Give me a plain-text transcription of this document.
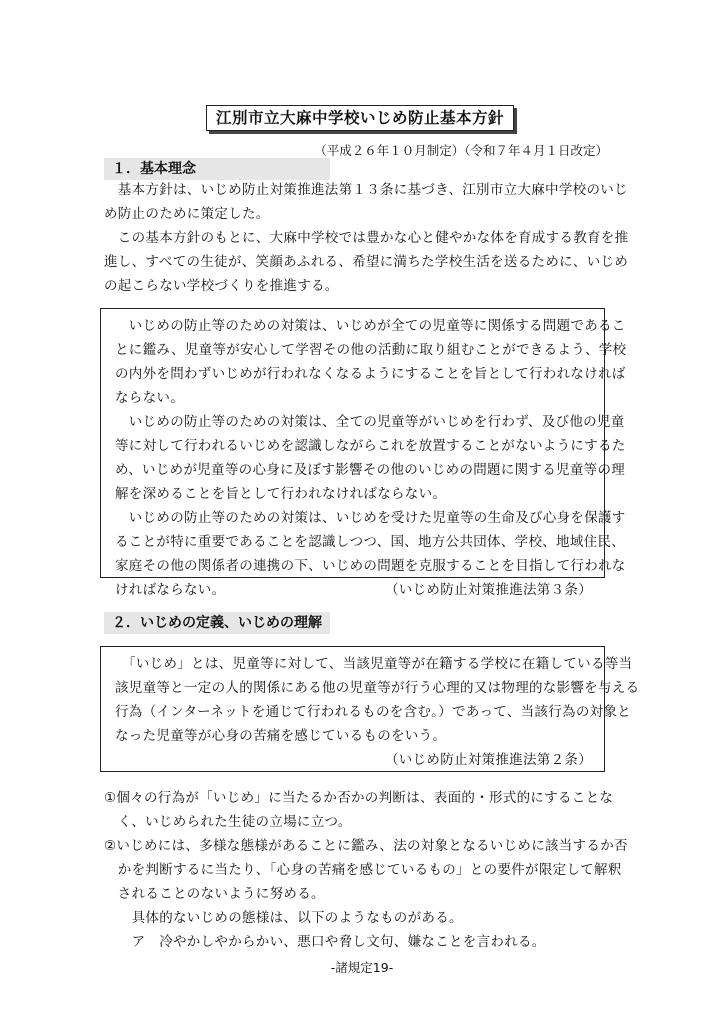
江別市立大麻中学校いじめ防止基本方針
（平成２６年１０月制定）（令和７年４月１日改定）
１．基本理念
　基本方針は、いじめ防止対策推進法第１３条に基づき、江別市立大麻中学校のいじ
め防止のために策定した。
　この基本方針のもとに、大麻中学校では豊かな心と健やかな体を育成する教育を推
進し、すべての生徒が、笑顔あふれる、希望に満ちた学校生活を送るために、いじめ
の起こらない学校づくりを推進する。
　いじめの防止等のための対策は、いじめが全ての児童等に関係する問題であるこ
とに鑑み、児童等が安心して学習その他の活動に取り組むことができるよう、学校
の内外を問わずいじめが行われなくなるようにすることを旨として行われなければ
ならない。
　いじめの防止等のための対策は、全ての児童等がいじめを行わず、及び他の児童
等に対して行われるいじめを認識しながらこれを放置することがないようにするた
め、いじめが児童等の心身に及ぼす影響その他のいじめの問題に関する児童等の理
解を深めることを旨として行われなければならない。
　いじめの防止等のための対策は、いじめを受けた児童等の生命及び心身を保護す
ることが特に重要であることを認識しつつ、国、地方公共団体、学校、地域住民、
家庭その他の関係者の連携の下、いじめの問題を克服することを目指して行われな
ければならない。	（いじめ防止対策推進法第３条）
２．いじめの定義、いじめの理解
　「いじめ」とは、児童等に対して、当該児童等が在籍する学校に在籍している等当
該児童等と一定の人的関係にある他の児童等が行う心理的又は物理的な影響を与える
行為（インターネットを通じて行われるものを含む。）であって、当該行為の対象と
なった児童等が心身の苦痛を感じているものをいう。
（いじめ防止対策推進法第２条）
①個々の行為が「いじめ」に当たるか否かの判断は、表面的・形式的にすることな
　く、いじめられた生徒の立場に立つ。
②いじめには、多様な態様があることに鑑み、法の対象となるいじめに該当するか否
　かを判断するに当たり、「心身の苦痛を感じているもの」との要件が限定して解釈
　されることのないように努める。
　　具体的ないじめの態様は、以下のようなものがある。
　　ア　冷やかしやからかい、悪口や脅し文句、嫌なことを言われる。
-諸規定19-
